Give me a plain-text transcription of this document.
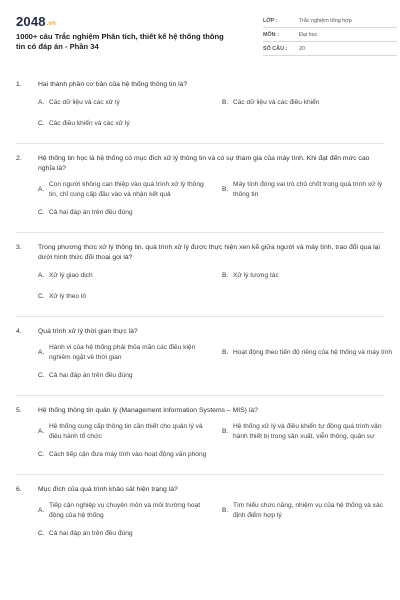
2048.vn
1000+ câu Trắc nghiệm Phân tích, thiết kế hệ thống thông tin có đáp án - Phần 34
LỚP :	Trắc nghiệm tổng hợp
MÔN :	Đại học
SỐ CÂU :	20
1.	Hai thành phần cơ bản của hệ thống thông tin là?
A. Các dữ liệu và các xử lý	B. Các dữ liệu và các điều khiển
C. Các điều khiển và các xử lý
2.	Hệ thống tin học là hệ thống có mục đích xử lý thông tin và có sự tham gia của máy tính. Khi đạt đến mức cao nghĩa là?
A.
Con người không can thiệp vào quá trình xử lý thông tin, chỉ cung cấp đầu vào và nhận kết quả
B.
Máy tính đóng vai trò chủ chốt trong quá trình xử lý thông tin
C. Cả hai đáp án trên đều đúng
3.	Trong phương thức xử lý thông tin, quá trình xử lý được thực hiện xen kẽ giữa người và máy tính, trao đổi qua lại dưới hình thức đối thoại gọi là?
A. Xử lý giao dịch	B. Xử lý tương tác
C. Xử lý theo lô
4.	Quá trình xử lý thời gian thực là?
A.
Hành vi của hệ thống phải thỏa mãn các điều kiện nghiêm ngặt về thời gian
B. Hoạt động theo tiến độ riêng của hệ thống và máy tính
C. Cả hai đáp án trên đều đúng
5.	Hệ thống thông tin quản lý (Management Information Systems – MIS) là?
A.
Hệ thống cung cấp thông tin cần thiết cho quản lý và điều hành tổ chức
B.
Hệ thống xử lý và điều khiển tự động quá trình vận hành thiết bị trong sản xuất, viễn thông, quân sự
C. Cách tiếp cận đưa máy tính vào hoạt động văn phòng
6.	Mục đích của quá trình khảo sát hiện trạng là?
A.
Tiếp cận nghiệp vụ chuyên môn và môi trường hoạt động của hệ thống
B.
Tìm hiểu chức năng, nhiệm vụ của hệ thống và xác định điểm hợp lý
C. Cả hai đáp án trên đều đúng
